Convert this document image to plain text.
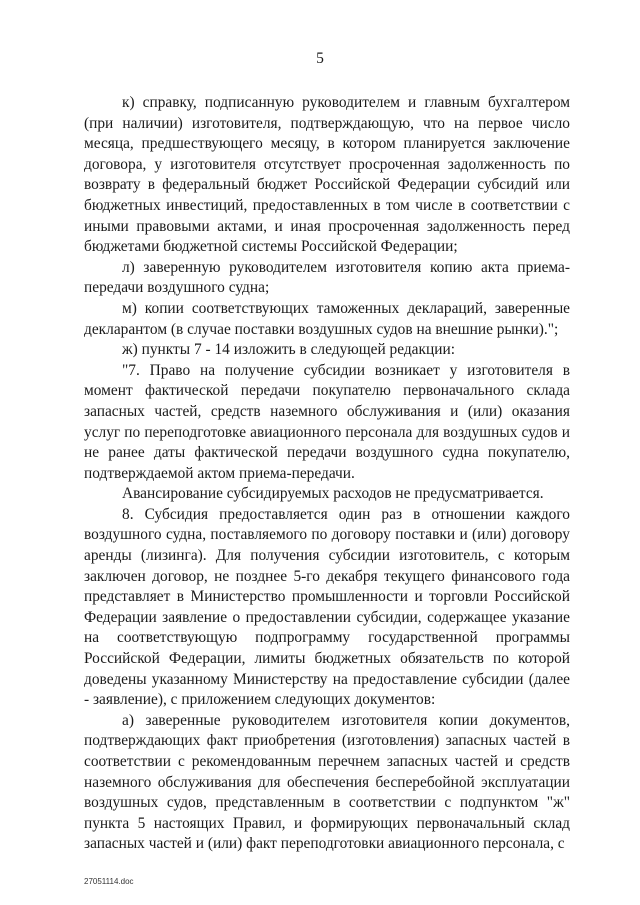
5

к) справку, подписанную руководителем и главным бухгалтером (при наличии) изготовителя, подтверждающую, что на первое число месяца, предшествующего месяцу, в котором планируется заключение договора, у изготовителя отсутствует просроченная задолженность по возврату в федеральный бюджет Российской Федерации субсидий или бюджетных инвестиций, предоставленных в том числе в соответствии с иными правовыми актами, и иная просроченная задолженность перед бюджетами бюджетной системы Российской Федерации;

л) заверенную руководителем изготовителя копию акта приема-передачи воздушного судна;

м) копии соответствующих таможенных деклараций, заверенные декларантом (в случае поставки воздушных судов на внешние рынки).";

ж) пункты 7 - 14 изложить в следующей редакции:

"7. Право на получение субсидии возникает у изготовителя в момент фактической передачи покупателю первоначального склада запасных частей, средств наземного обслуживания и (или) оказания услуг по переподготовке авиационного персонала для воздушных судов и не ранее даты фактической передачи воздушного судна покупателю, подтверждаемой актом приема-передачи.

Авансирование субсидируемых расходов не предусматривается.

8. Субсидия предоставляется один раз в отношении каждого воздушного судна, поставляемого по договору поставки и (или) договору аренды (лизинга). Для получения субсидии изготовитель, с которым заключен договор, не позднее 5-го декабря текущего финансового года представляет в Министерство промышленности и торговли Российской Федерации заявление о предоставлении субсидии, содержащее указание на соответствующую подпрограмму государственной программы Российской Федерации, лимиты бюджетных обязательств по которой доведены указанному Министерству на предоставление субсидии (далее - заявление), с приложением следующих документов:

а) заверенные руководителем изготовителя копии документов, подтверждающих факт приобретения (изготовления) запасных частей в соответствии с рекомендованным перечнем запасных частей и средств наземного обслуживания для обеспечения бесперебойной эксплуатации воздушных судов, представленным в соответствии с подпунктом "ж" пункта 5 настоящих Правил, и формирующих первоначальный склад запасных частей и (или) факт переподготовки авиационного персонала, с

27051114.doc
